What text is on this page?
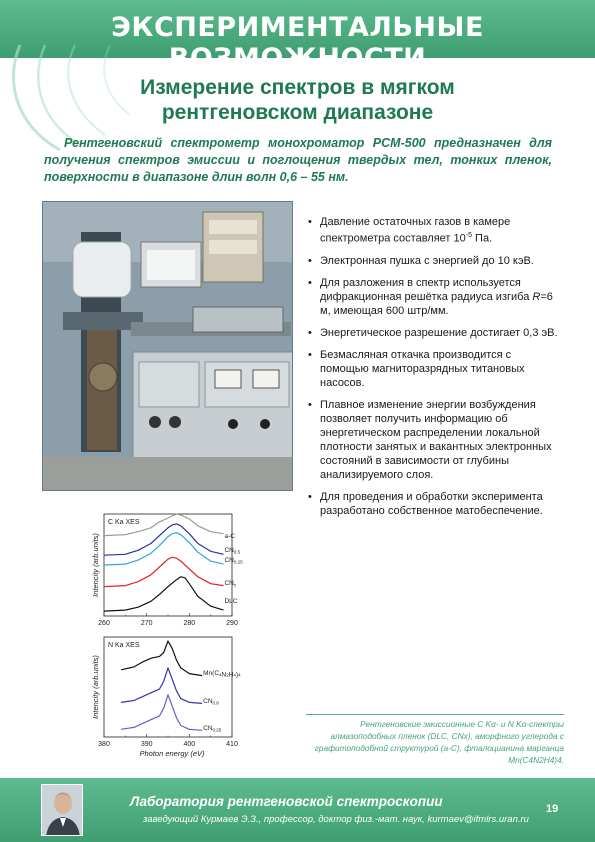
ЭКСПЕРИМЕНТАЛЬНЫЕ ВОЗМОЖНОСТИ
Измерение спектров в мягком
рентгеновском диапазоне
Рентгеновский спектрометр монохроматор РСМ-500 предназначен для получения спектров эмиссии и поглощения твердых тел, тонких пленок, поверхности в диапазоне длин волн 0,6 – 55 нм.
• Давление остаточных газов в камере спектрометра составляет $10^{-5}$ Па.
• Электронная пушка с энергией до 10 кэВ.
• Для разложения в спектр используется дифракционная решётка радиуса изгиба R=6 м, имеющая 600 штр/мм.
• Энергетическое разрешение достигает 0,3 эВ.
• Безмасляная откачка производится с помощью магниторазрядных титановых насосов.
• Плавное изменение энергии возбуждения позволяет получить информацию об энергетическом распределении локальной плотности занятых и вакантных электронных состояний в зависимости от глубины анализируемого слоя.
• Для проведения и обработки эксперимента разработано собственное матобеспечение.
260	270	280	290
C Ka XES
Intencity (arb.units)	a-C
$CN_{0.5}$
$CN_{0.25}$
$CN_x$
DLC
380	390	400	410
N Ka XES
Intencity (arb.units)
Photon energy (eV)
$Mn(C_4N2H4)4$
$CN_{0.8}$
$CN_{0.25}$
Рентгеновские эмиссионные C Kα- и N Kα-спектры алмазоподобных пленок (DLC, CNx), аморфного углерода с графитоподобной структурой (a-C), фталоцианина марганца Mn(C4N2H4)4.
Лаборатория рентгеновской спектроскопии
заведующий Курмаев Э.З., профессор, доктор физ.-мат. наук, kurmaev@ifmlrs.uran.ru
19
